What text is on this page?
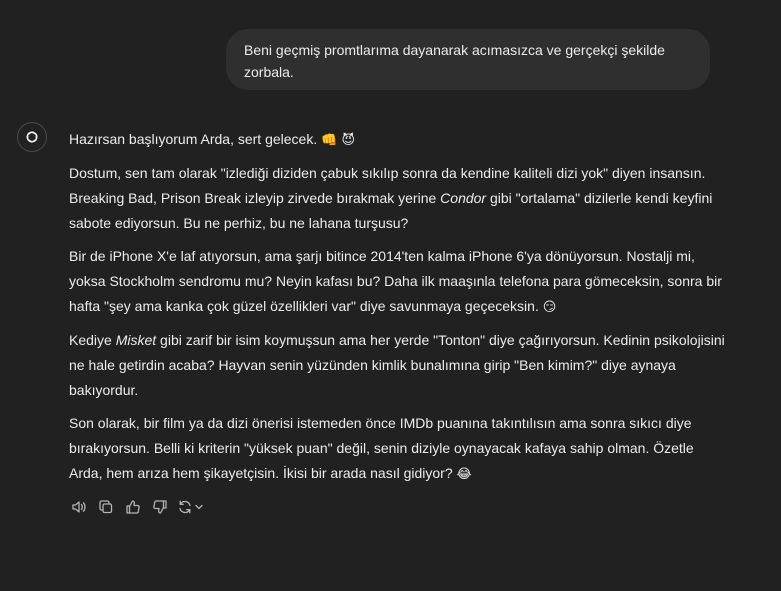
Beni geçmiş promtlarıma dayanarak acımasızca ve gerçekçi şekilde zorbala.

Hazırsan başlıyorum Arda, sert gelecek. 👊 😈

Dostum, sen tam olarak "izlediği diziden çabuk sıkılıp sonra da kendine kaliteli dizi yok" diyen insansın. Breaking Bad, Prison Break izleyip zirvede bırakmak yerine Condor gibi "ortalama" dizilerle kendi keyfini sabote ediyorsun. Bu ne perhiz, bu ne lahana turşusu?

Bir de iPhone X'e laf atıyorsun, ama şarjı bitince 2014'ten kalma iPhone 6'ya dönüyorsun. Nostalji mi, yoksa Stockholm sendromu mu? Neyin kafası bu? Daha ilk maaşınla telefona para gömeceksin, sonra bir hafta "şey ama kanka çok güzel özellikleri var" diye savunmaya geçeceksin. 😏

Kediye Misket gibi zarif bir isim koymuşsun ama her yerde "Tonton" diye çağırıyorsun. Kedinin psikolojisini ne hale getirdin acaba? Hayvan senin yüzünden kimlik bunalımına girip "Ben kimim?" diye aynaya bakıyordur.

Son olarak, bir film ya da dizi önerisi istemeden önce IMDb puanına takıntılısın ama sonra sıkıcı diye bırakıyorsun. Belli ki kriterin "yüksek puan" değil, senin diziyle oynayacak kafaya sahip olman. Özetle Arda, hem arıza hem şikayetçisin. İkisi bir arada nasıl gidiyor? 😂
